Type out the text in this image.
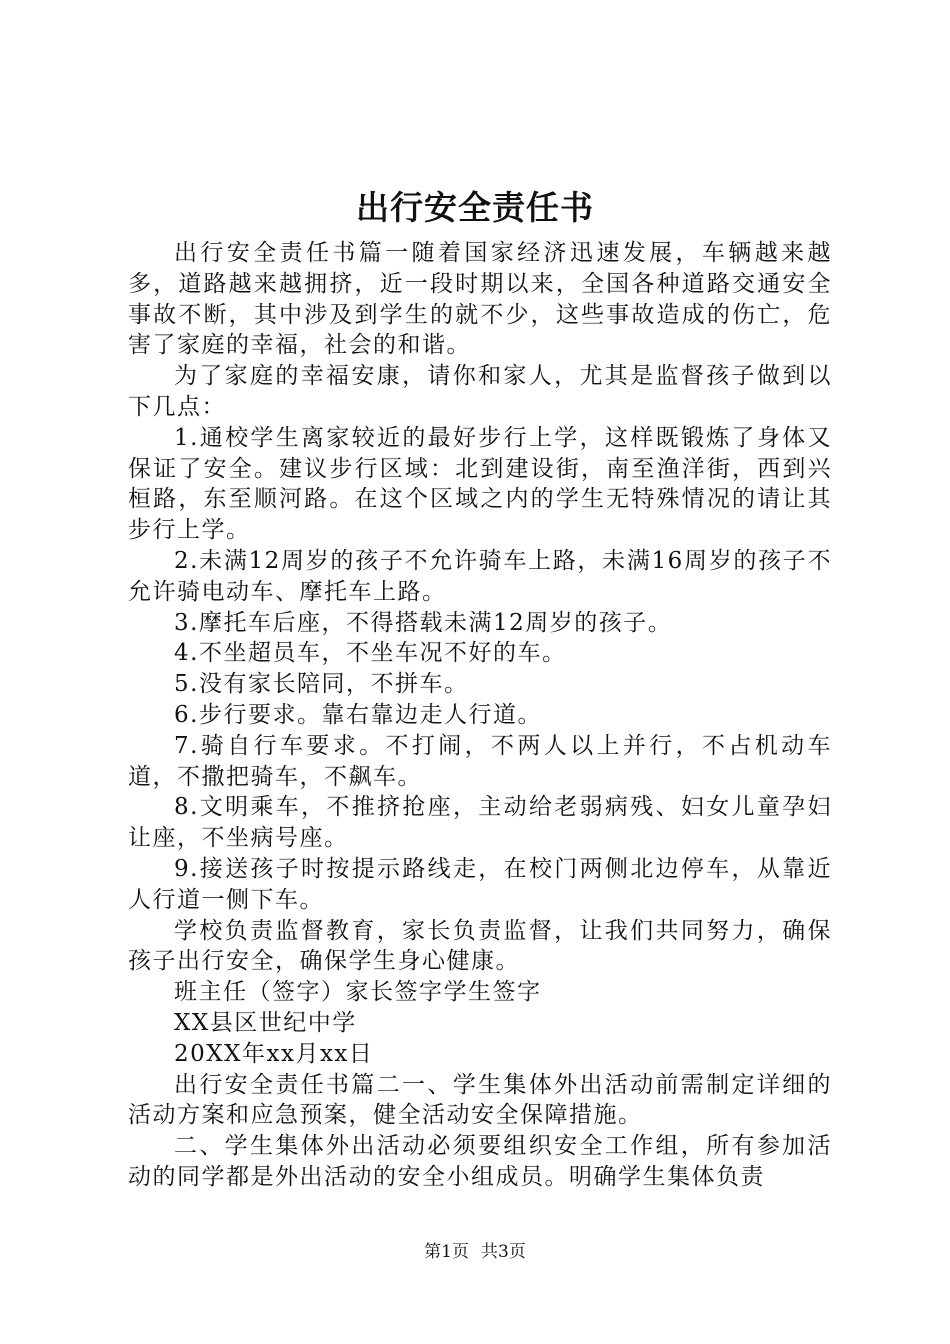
出行安全责任书

出行安全责任书篇一随着国家经济迅速发展，车辆越来越多，道路越来越拥挤，近一段时期以来，全国各种道路交通安全事故不断，其中涉及到学生的就不少，这些事故造成的伤亡，危害了家庭的幸福，社会的和谐。

为了家庭的幸福安康，请你和家人，尤其是监督孩子做到以下几点：

1.通校学生离家较近的最好步行上学，这样既锻炼了身体又保证了安全。建议步行区域：北到建设街，南至渔洋街，西到兴桓路，东至顺河路。在这个区域之内的学生无特殊情况的请让其步行上学。

2.未满12周岁的孩子不允许骑车上路，未满16周岁的孩子不允许骑电动车、摩托车上路。

3.摩托车后座，不得搭载未满12周岁的孩子。

4.不坐超员车，不坐车况不好的车。

5.没有家长陪同，不拼车。

6.步行要求。靠右靠边走人行道。

7.骑自行车要求。不打闹，不两人以上并行，不占机动车道，不撒把骑车，不飙车。

8.文明乘车，不推挤抢座，主动给老弱病残、妇女儿童孕妇让座，不坐病号座。

9.接送孩子时按提示路线走，在校门两侧北边停车，从靠近人行道一侧下车。

学校负责监督教育，家长负责监督，让我们共同努力，确保孩子出行安全，确保学生身心健康。

班主任（签字）家长签字学生签字

XX县区世纪中学

20XX年xx月xx日

出行安全责任书篇二一、学生集体外出活动前需制定详细的活动方案和应急预案，健全活动安全保障措施。

二、学生集体外出活动必须要组织安全工作组，所有参加活动的同学都是外出活动的安全小组成员。明确学生集体负责

第1页 共3页
